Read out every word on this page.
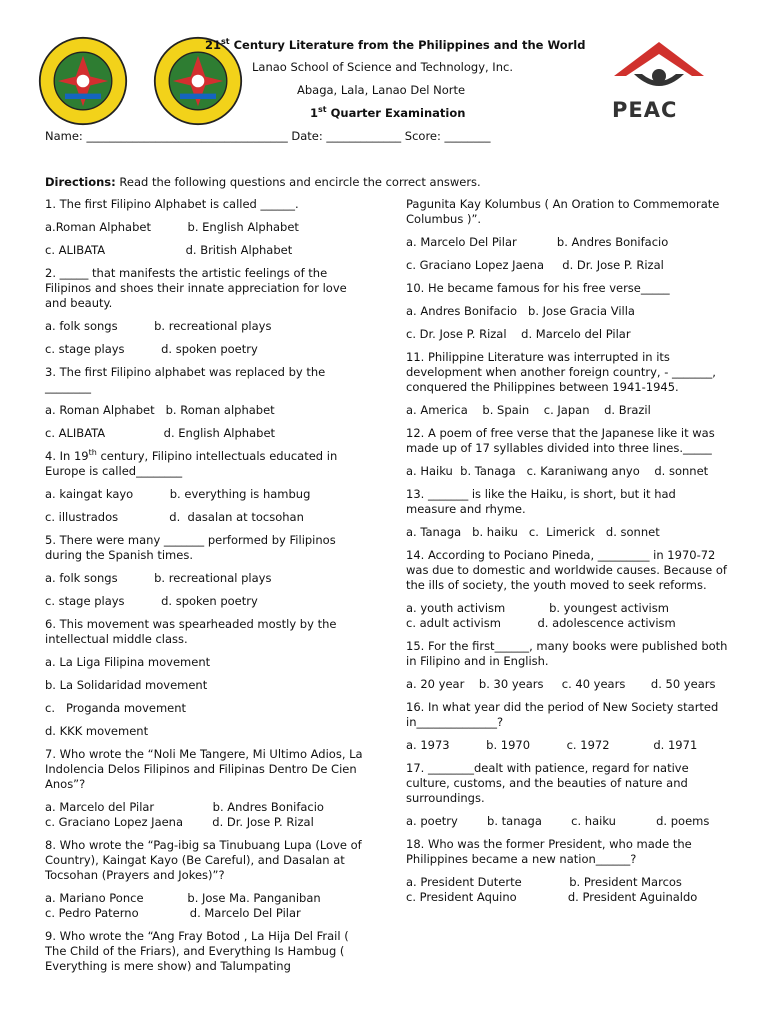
21st Century Literature from the Philippines and the World
Lanao School of Science and Technology, Inc.
Abaga, Lala, Lanao Del Norte
1st Quarter Examination	PEAC
Name: ___________________________________ Date: _____________ Score: ________
Directions: Read the following questions and encircle the correct answers.
1. The first Filipino Alphabet is called ______.
a.Roman Alphabet          b. English Alphabet
c. ALIBATA                      d. British Alphabet
2. _____ that manifests the artistic feelings of the Filipinos and shoes their innate appreciation for love and beauty.
a. folk songs          b. recreational plays
c. stage plays          d. spoken poetry
3. The first Filipino alphabet was replaced by the ________
a. Roman Alphabet   b. Roman alphabet
c. ALIBATA                d. English Alphabet
4. In 19th century, Filipino intellectuals educated in Europe is called________
a. kaingat kayo          b. everything is hambug
c. illustrados              d.  dasalan at tocsohan
5. There were many _______ performed by Filipinos during the Spanish times.
a. folk songs          b. recreational plays
c. stage plays          d. spoken poetry
6. This movement was spearheaded mostly by the intellectual middle class.
a. La Liga Filipina movement
b. La Solidaridad movement
c.   Proganda movement
d. KKK movement
7. Who wrote the “Noli Me Tangere, Mi Ultimo Adios, La Indolencia Delos Filipinos and Filipinas Dentro De Cien Anos”?
a. Marcelo del Pilar                b. Andres Bonifacio
c. Graciano Lopez Jaena        d. Dr. Jose P. Rizal
8. Who wrote the “Pag-ibig sa Tinubuang Lupa (Love of Country), Kaingat Kayo (Be Careful), and Dasalan at Tocsohan (Prayers and Jokes)”?
a. Mariano Ponce            b. Jose Ma. Panganiban
c. Pedro Paterno              d. Marcelo Del Pilar
9. Who wrote the “Ang Fray Botod , La Hija Del Frail ( The Child of the Friars), and Everything Is Hambug ( Everything is mere show) and Talumpating
Pagunita Kay Kolumbus ( An Oration to Commemorate Columbus )”.
a. Marcelo Del Pilar           b. Andres Bonifacio
c. Graciano Lopez Jaena     d. Dr. Jose P. Rizal
10. He became famous for his free verse_____
a. Andres Bonifacio   b. Jose Gracia Villa
c. Dr. Jose P. Rizal    d. Marcelo del Pilar
11. Philippine Literature was interrupted in its development when another foreign country, - _______, conquered the Philippines between 1941-1945.
a. America    b. Spain    c. Japan    d. Brazil
12. A poem of free verse that the Japanese like it was made up of 17 syllables divided into three lines._____
a. Haiku  b. Tanaga   c. Karaniwang anyo    d. sonnet
13. _______ is like the Haiku, is short, but it had measure and rhyme.
a. Tanaga   b. haiku   c.  Limerick   d. sonnet
14. According to Pociano Pineda, _________ in 1970-72 was due to domestic and worldwide causes. Because of the ills of society, the youth moved to seek reforms.
a. youth activism            b. youngest activism
c. adult activism          d. adolescence activism
15. For the first______, many books were published both in Filipino and in English.
a. 20 year    b. 30 years     c. 40 years       d. 50 years
16. In what year did the period of New Society started in______________?
a. 1973          b. 1970          c. 1972            d. 1971
17. ________dealt with patience, regard for native culture, customs, and the beauties of nature and surroundings.
a. poetry        b. tanaga        c. haiku           d. poems
18. Who was the former President, who made the Philippines became a new nation______?
a. President Duterte             b. President Marcos
c. President Aquino              d. President Aguinaldo
